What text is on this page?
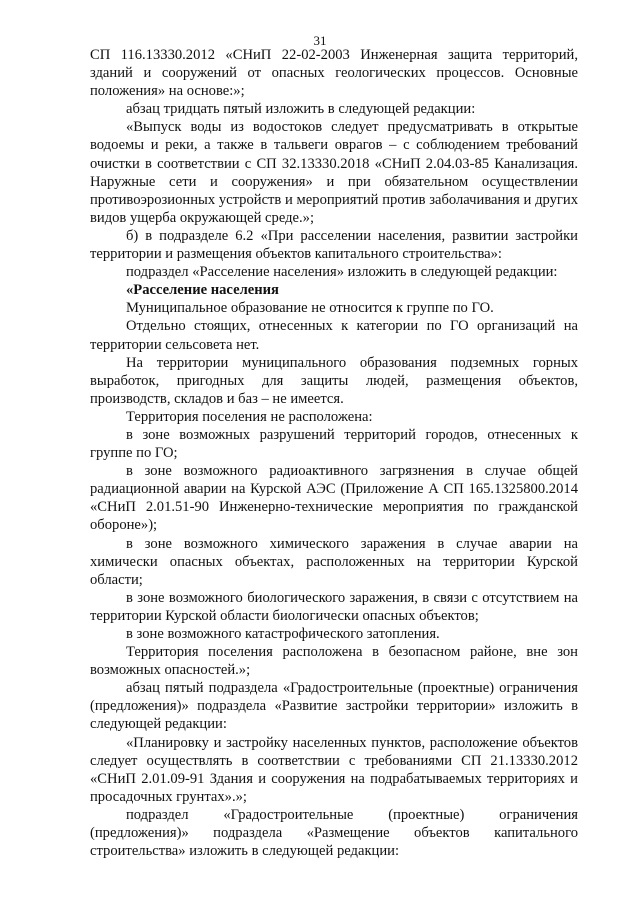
31

СП 116.13330.2012 «СНиП 22-02-2003 Инженерная защита территорий, зданий и сооружений от опасных геологических процессов. Основные положения» на основе:»;

абзац тридцать пятый изложить в следующей редакции:

«Выпуск воды из водостоков следует предусматривать в открытые водоемы и реки, а также в тальвеги оврагов – с соблюдением требований очистки в соответствии с СП 32.13330.2018 «СНиП 2.04.03-85 Канализация. Наружные сети и сооружения» и при обязательном осуществлении противоэрозионных устройств и мероприятий против заболачивания и других видов ущерба окружающей среде.»;

б) в подразделе 6.2 «При расселении населения, развитии застройки территории и размещения объектов капитального строительства»:

подраздел «Расселение населения» изложить в следующей редакции:

«Расселение населения

Муниципальное образование не относится к группе по ГО.

Отдельно стоящих, отнесенных к категории по ГО организаций на территории сельсовета нет.

На территории муниципального образования подземных горных выработок, пригодных для защиты людей, размещения объектов, производств, складов и баз – не имеется.

Территория поселения не расположена:

в зоне возможных разрушений территорий городов, отнесенных к группе по ГО;

в зоне возможного радиоактивного загрязнения в случае общей радиационной аварии на Курской АЭС (Приложение А СП 165.1325800.2014 «СНиП 2.01.51-90 Инженерно-технические мероприятия по гражданской обороне»);

в зоне возможного химического заражения в случае аварии на химически опасных объектах, расположенных на территории Курской области;

в зоне возможного биологического заражения, в связи с отсутствием на территории Курской области биологически опасных объектов;

в зоне возможного катастрофического затопления.

Территория поселения расположена в безопасном районе, вне зон возможных опасностей.»;

абзац пятый подраздела «Градостроительные (проектные) ограничения (предложения)» подраздела «Развитие застройки территории» изложить в следующей редакции:

«Планировку и застройку населенных пунктов, расположение объектов следует осуществлять в соответствии с требованиями СП 21.13330.2012 «СНиП 2.01.09-91 Здания и сооружения на подрабатываемых территориях и просадочных грунтах».»;

подраздел «Градостроительные (проектные) ограничения (предложения)» подраздела «Размещение объектов капитального строительства» изложить в следующей редакции:
